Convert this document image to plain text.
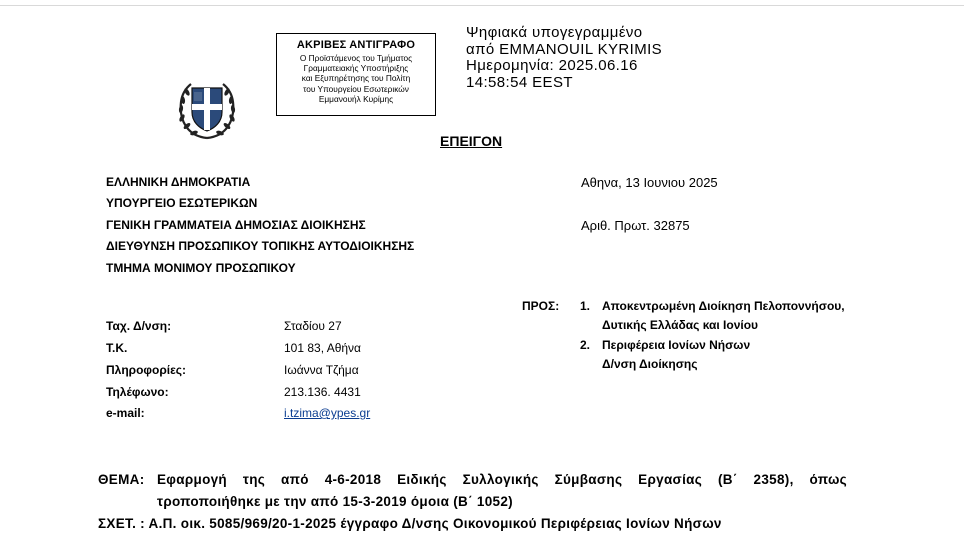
ΑΚΡΙΒΕΣ ΑΝΤΙΓΡΑΦΟ
Ο Προϊστάμενος του Τμήματος
Γραμματειακής Υποστήριξης
και Εξυπηρέτησης του Πολίτη
του Υπουργείου Εσωτερικών
Εμμανουήλ Κυρίμης
Ψηφιακά υπογεγραμμένο
από EMMANOUIL KYRIMIS
Ημερομηνία: 2025.06.16
14:58:54 EEST
ΕΠΕΙΓΟΝ
ΕΛΛΗΝΙΚΗ ΔΗΜΟΚΡΑΤΙΑ
ΥΠΟΥΡΓΕΙΟ ΕΣΩΤΕΡΙΚΩΝ
ΓΕΝΙΚΗ ΓΡΑΜΜΑΤΕΙΑ ΔΗΜΟΣΙΑΣ ΔΙΟΙΚΗΣΗΣ
ΔΙΕΥΘΥΝΣΗ ΠΡΟΣΩΠΙΚΟΥ ΤΟΠΙΚΗΣ ΑΥΤΟΔΙΟΙΚΗΣΗΣ
ΤΜΗΜΑ ΜΟΝΙΜΟΥ ΠΡΟΣΩΠΙΚΟΥ
Αθηνα, 13 Ιουνιου 2025
Αριθ. Πρωτ. 32875
Ταχ. Δ/νση:	Σταδίου 27
Τ.Κ.	101 83, Αθήνα
Πληροφορίες:	Ιωάννα Τζήμα
Τηλέφωνο:	213.136. 4431
e-mail:	i.tzima@ypes.gr
ΠΡΟΣ: 1. Αποκεντρωμένη Διοίκηση Πελοποννήσου,
Δυτικής Ελλάδας και Ιονίου
2. Περιφέρεια Ιονίων Νήσων
Δ/νση Διοίκησης
ΘΕΜΑ: Εφαρμογή της από 4-6-2018 Ειδικής Συλλογικής Σύμβασης Εργασίας (Β΄ 2358), όπως
τροποποιήθηκε με την από 15-3-2019 όμοια (Β΄ 1052)
ΣΧΕΤ. : Α.Π. οικ. 5085/969/20-1-2025 έγγραφο Δ/νσης Οικονομικού Περιφέρειας Ιονίων Νήσων
